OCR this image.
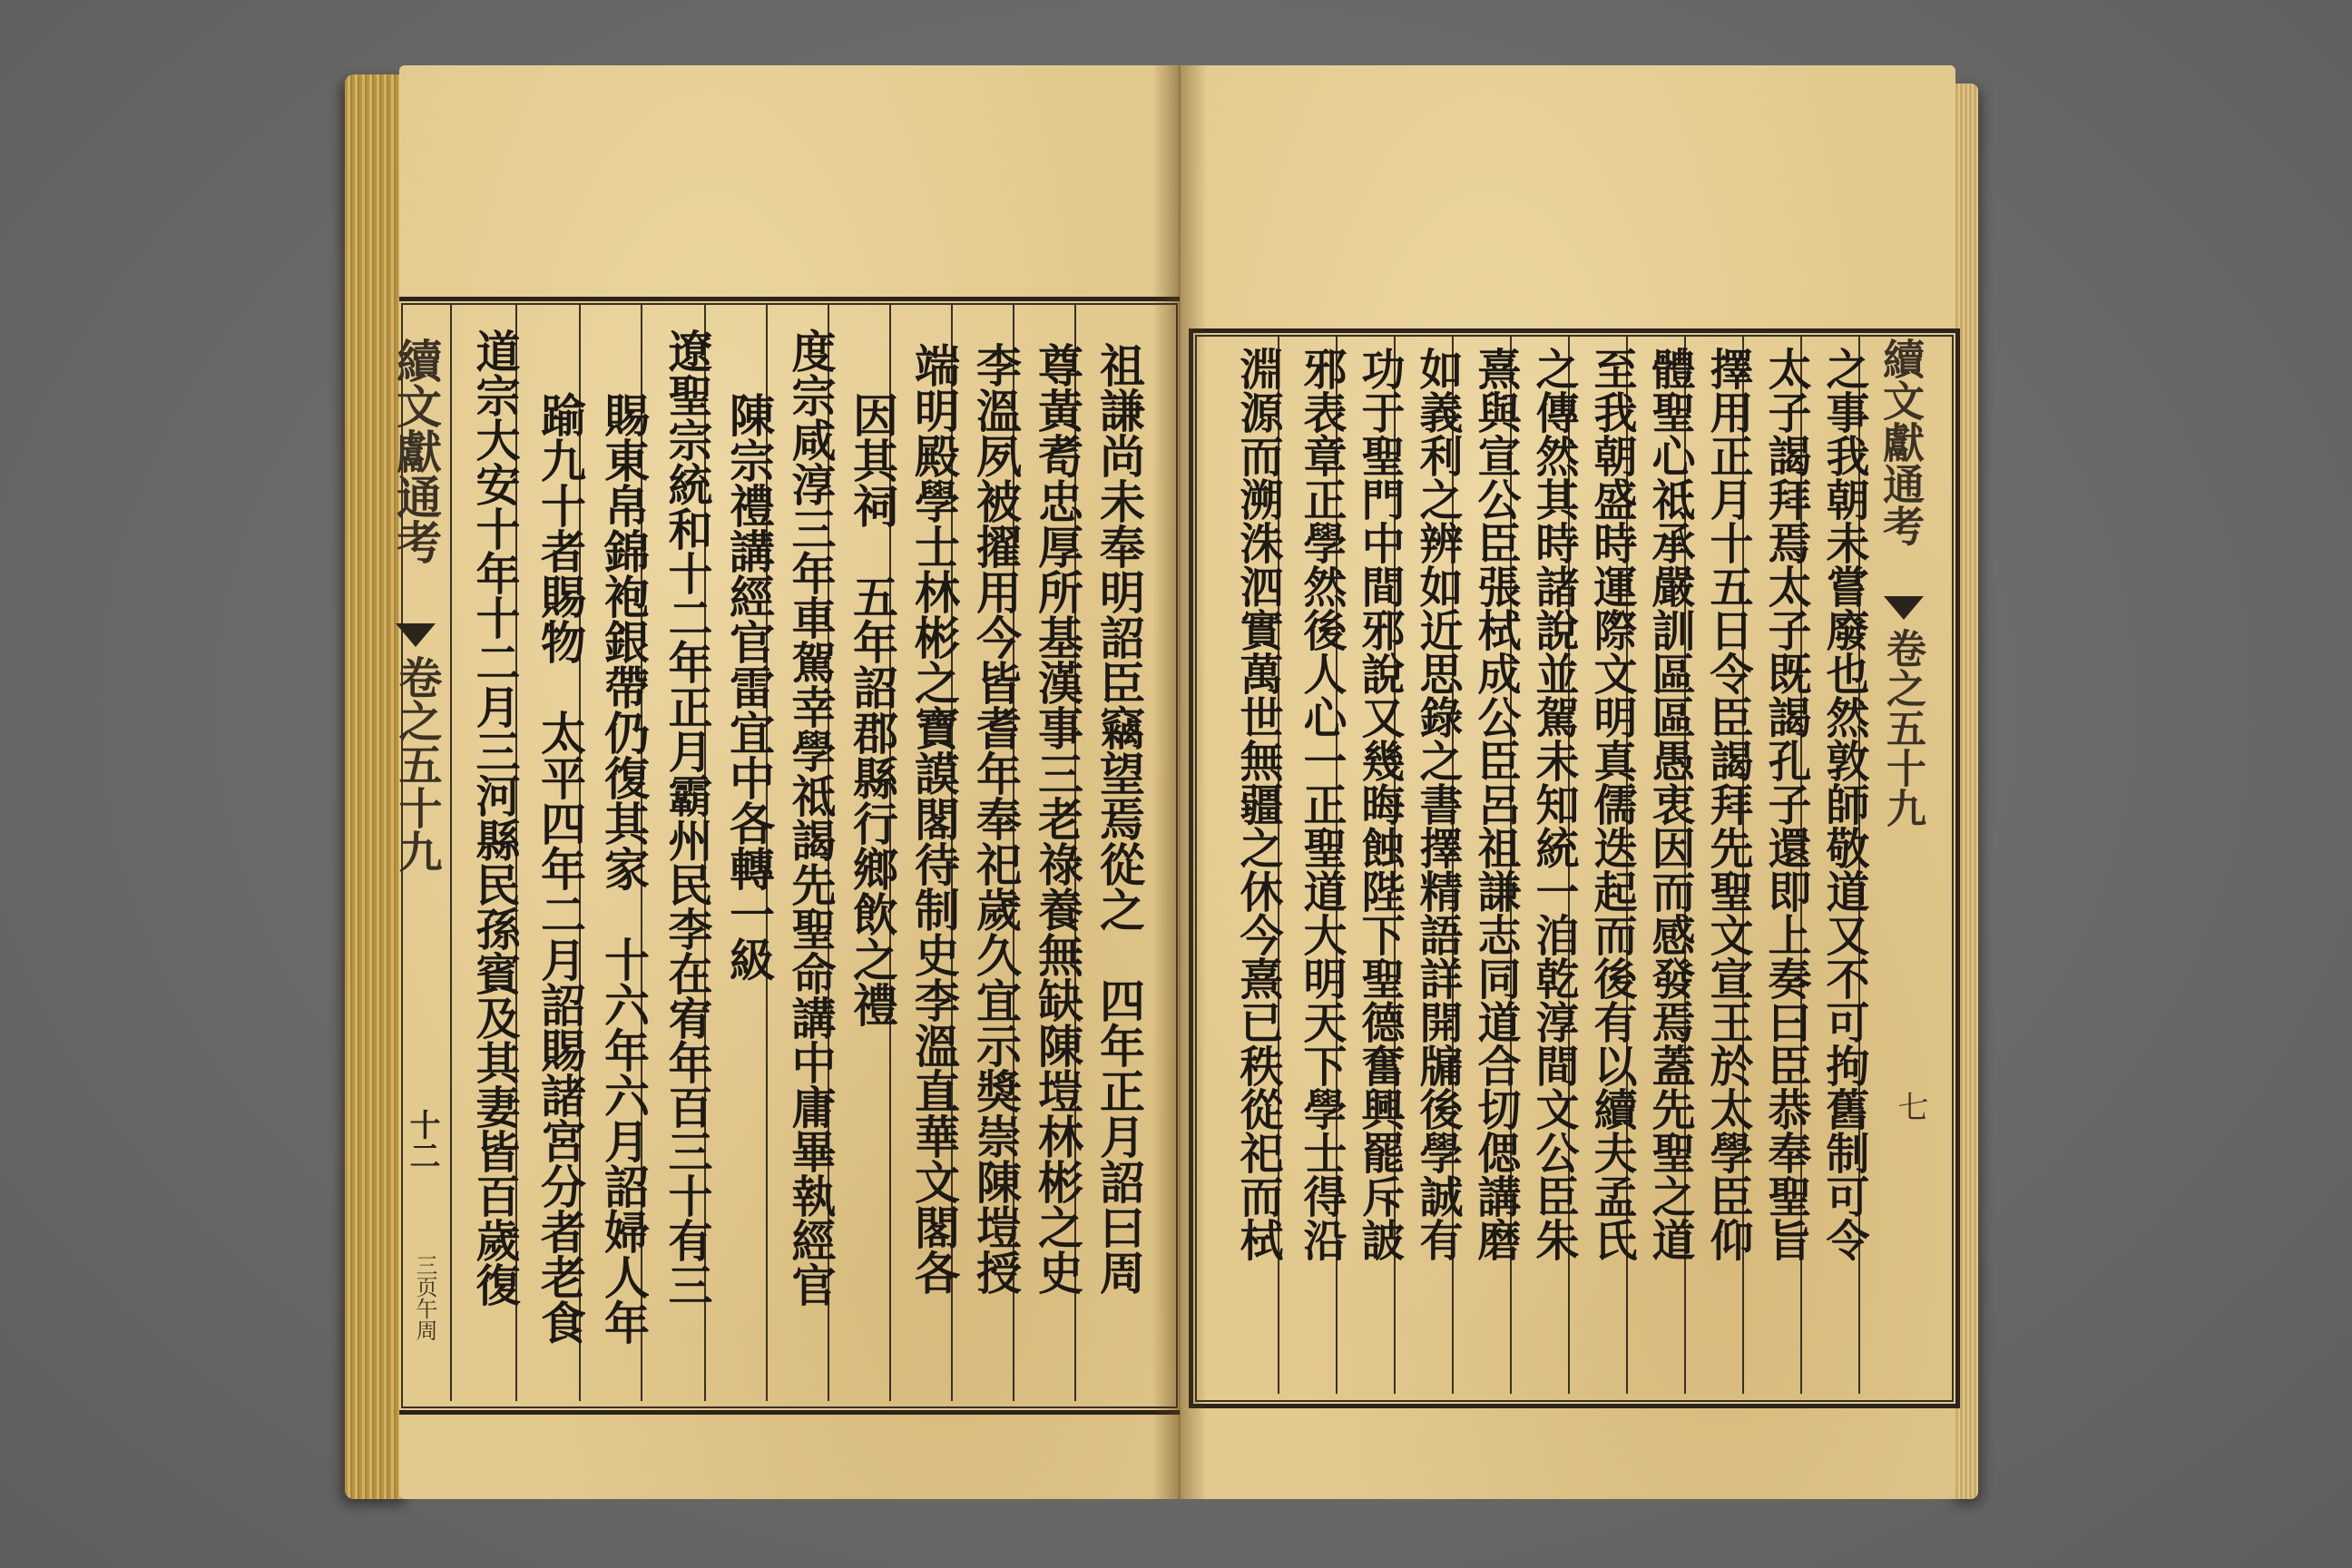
續文獻通考
卷之五十九
十二
三页午周
祖謙尚未奉明詔臣竊望焉從之　四年正月詔曰周
尊黃耉忠厚所基漢事三老祿養無缺陳塏林彬之史
李溫夙被擢用今皆耆年奉祀歲久宜示獎崇陳塏授
端明殿學士林彬之寶謨閣待制史李溫直華文閣各
因其祠　五年詔郡縣行鄉飲之禮
度宗咸淳三年車駕幸學祗謁先聖命講中庸畢執經官
陳宗禮講經官雷宜中各轉一級
遼聖宗統和十二年正月霸州民李在宥年百三十有三
賜東帛錦袍銀帶仍復其家　十六年六月詔婦人年
踰九十者賜物　太平四年二月詔賜諸宮分者老食
道宗大安十年十二月三河縣民孫賓及其妻皆百歲復	續文獻通考
卷之五十九
七
之事我朝未嘗廢也然敦師敬道又不可拘舊制可令
太子謁拜焉太子既謁孔子還即上奏曰臣恭奉聖旨
擇用正月十五日令臣謁拜先聖文宣王於太學臣仰
體聖心祗承嚴訓區區愚衷因而感發焉蓋先聖之道
至我朝盛時運際文明真儒迭起而後有以續夫孟氏
之傳然其時諸說並駕未知統一洎乾淳間文公臣朱
熹與宣公臣張栻成公臣呂祖謙志同道合切偲講磨
如義利之辨如近思錄之書擇精語詳開牖後學誠有
功于聖門中間邪說又幾晦蝕陛下聖德奮興罷斥詖
邪表章正學然後人心一正聖道大明天下學士得沿
淵源而溯洙泗實萬世無疆之休今熹已秩從祀而栻
